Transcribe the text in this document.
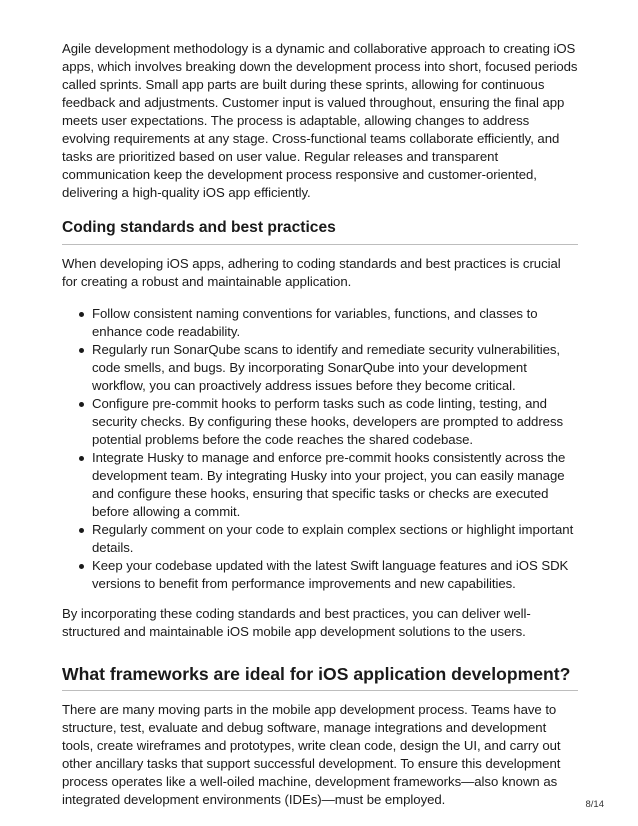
Agile development methodology is a dynamic and collaborative approach to creating iOS apps, which involves breaking down the development process into short, focused periods called sprints. Small app parts are built during these sprints, allowing for continuous feedback and adjustments. Customer input is valued throughout, ensuring the final app meets user expectations. The process is adaptable, allowing changes to address evolving requirements at any stage. Cross-functional teams collaborate efficiently, and tasks are prioritized based on user value. Regular releases and transparent communication keep the development process responsive and customer-oriented, delivering a high-quality iOS app efficiently.

Coding standards and best practices

When developing iOS apps, adhering to coding standards and best practices is crucial for creating a robust and maintainable application.

Follow consistent naming conventions for variables, functions, and classes to enhance code readability.
Regularly run SonarQube scans to identify and remediate security vulnerabilities, code smells, and bugs. By incorporating SonarQube into your development workflow, you can proactively address issues before they become critical.
Configure pre-commit hooks to perform tasks such as code linting, testing, and security checks. By configuring these hooks, developers are prompted to address potential problems before the code reaches the shared codebase.
Integrate Husky to manage and enforce pre-commit hooks consistently across the development team. By integrating Husky into your project, you can easily manage and configure these hooks, ensuring that specific tasks or checks are executed before allowing a commit.
Regularly comment on your code to explain complex sections or highlight important details.
Keep your codebase updated with the latest Swift language features and iOS SDK versions to benefit from performance improvements and new capabilities.

By incorporating these coding standards and best practices, you can deliver well-structured and maintainable iOS mobile app development solutions to the users.

What frameworks are ideal for iOS application development?

There are many moving parts in the mobile app development process. Teams have to structure, test, evaluate and debug software, manage integrations and development tools, create wireframes and prototypes, write clean code, design the UI, and carry out other ancillary tasks that support successful development. To ensure this development process operates like a well-oiled machine, development frameworks—also known as integrated development environments (IDEs)—must be employed.	8/14
